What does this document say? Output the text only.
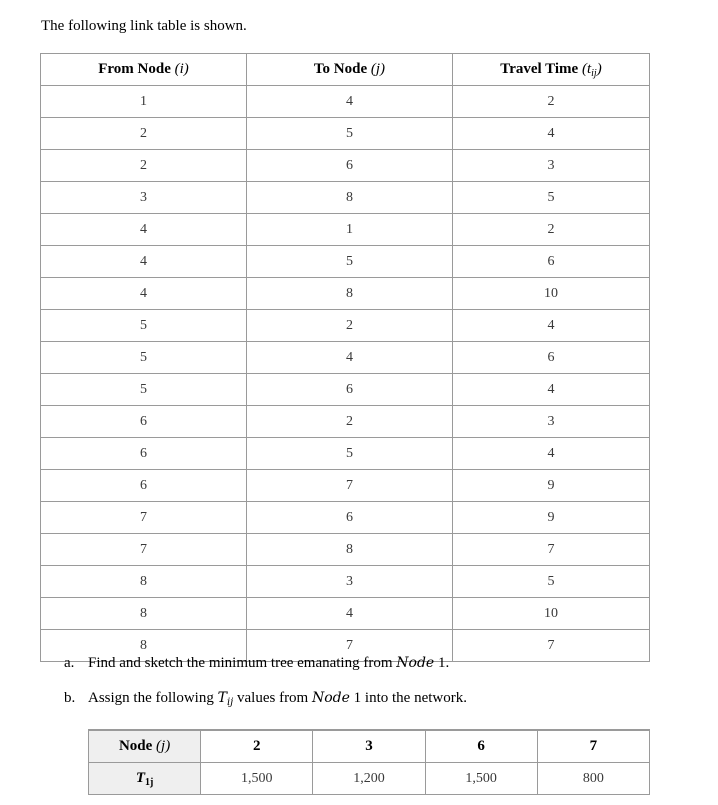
The following link table is shown.
From Node (i)	To Node (j)	Travel Time $(t_{ij})$
1	4	2
2	5	4
2	6	3
3	8	5
4	1	2
4	5	6
4	8	10
5	2	4
5	4	6
5	6	4
6	2	3
6	5	4
6	7	9
7	6	9
7	8	7
8	3	5
8	4	10
8	7	7
a. Find and sketch the minimum tree emanating from Node 1.
b. Assign the following $T_{ij}$ values from Node 1 into the network.
Node (j)	2	3	6	7
$T_{1j}$	1,500	1,200	1,500	800
